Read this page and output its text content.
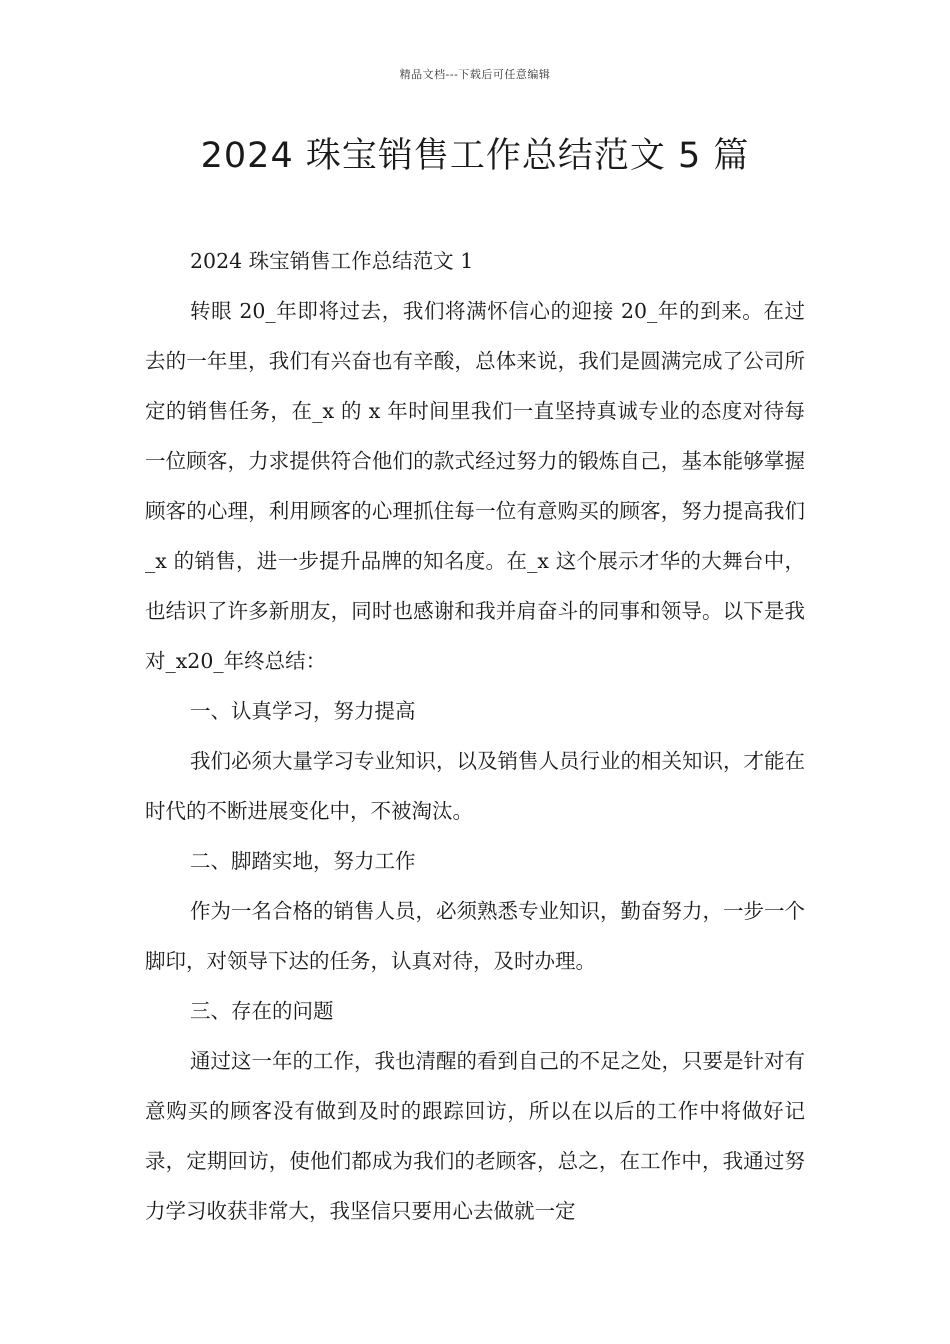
精品文档---下载后可任意编辑
2024 珠宝销售工作总结范文 5 篇

2024 珠宝销售工作总结范文 1

转眼 20_年即将过去，我们将满怀信心的迎接 20_年的到来。在过去的一年里，我们有兴奋也有辛酸，总体来说，我们是圆满完成了公司所定的销售任务，在_x 的 x 年时间里我们一直坚持真诚专业的态度对待每一位顾客，力求提供符合他们的款式经过努力的锻炼自己，基本能够掌握顾客的心理，利用顾客的心理抓住每一位有意购买的顾客，努力提高我们_x 的销售，进一步提升品牌的知名度。在_x 这个展示才华的大舞台中，也结识了许多新朋友，同时也感谢和我并肩奋斗的同事和领导。以下是我对_x20_年终总结：

一、认真学习，努力提高

我们必须大量学习专业知识，以及销售人员行业的相关知识，才能在时代的不断进展变化中，不被淘汰。

二、脚踏实地，努力工作

作为一名合格的销售人员，必须熟悉专业知识，勤奋努力，一步一个脚印，对领导下达的任务，认真对待，及时办理。

三、存在的问题

通过这一年的工作，我也清醒的看到自己的不足之处，只要是针对有意购买的顾客没有做到及时的跟踪回访，所以在以后的工作中将做好记录，定期回访，使他们都成为我们的老顾客，总之，在工作中，我通过努力学习收获非常大，我坚信只要用心去做就一定
